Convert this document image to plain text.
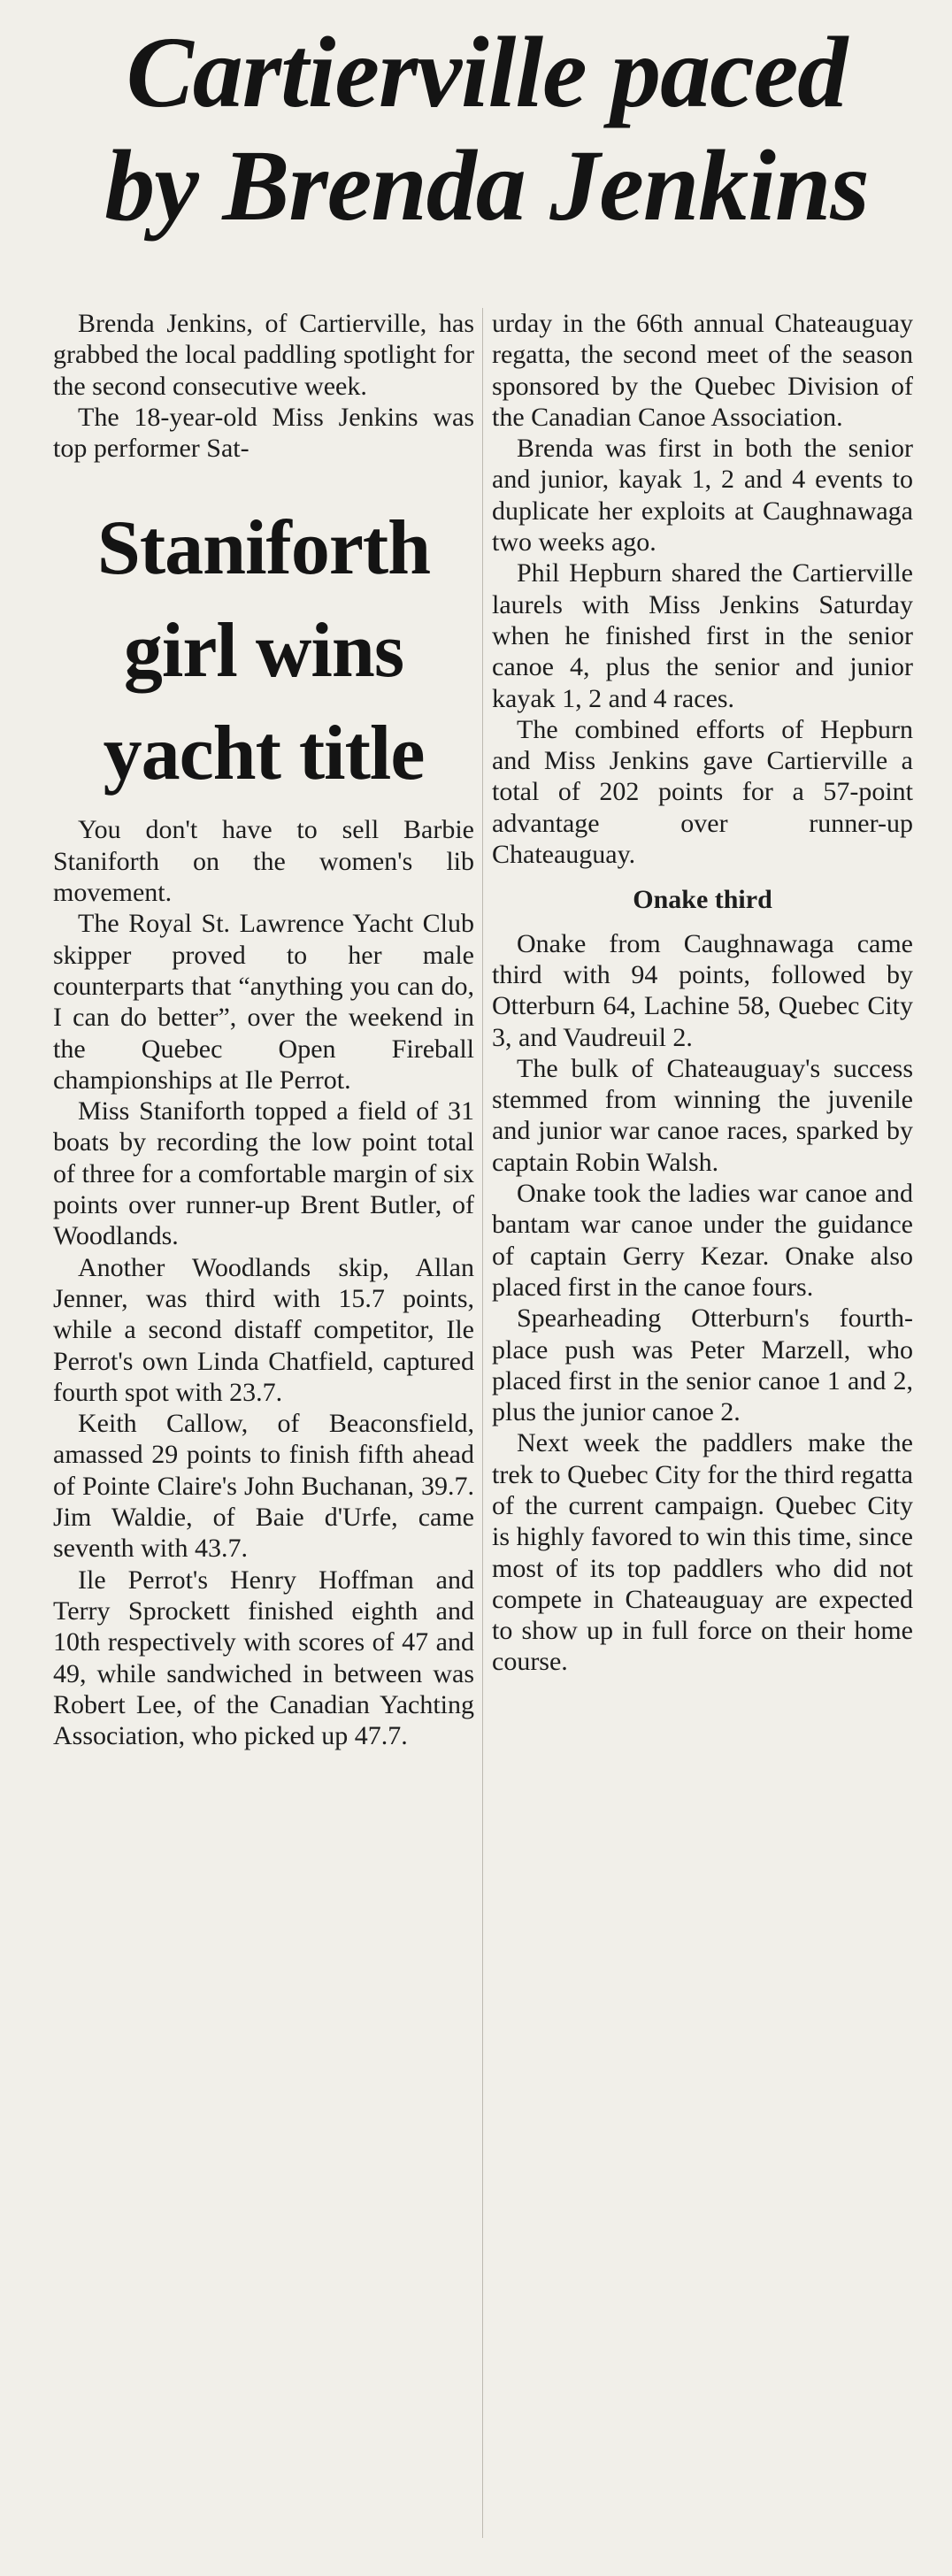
Cartierville paced
by Brenda Jenkins

Brenda Jenkins, of Cartierville, has grabbed the local paddling spotlight for the second consecutive week.

The 18-year-old Miss Jenkins was top performer Sat-

Staniforth
girl wins
yacht title

You don't have to sell Barbie Staniforth on the women's lib movement.

The Royal St. Lawrence Yacht Club skipper proved to her male counterparts that “anything you can do, I can do better”, over the weekend in the Quebec Open Fireball championships at Ile Perrot.

Miss Staniforth topped a field of 31 boats by recording the low point total of three for a comfortable margin of six points over runner-up Brent Butler, of Woodlands.

Another Woodlands skip, Allan Jenner, was third with 15.7 points, while a second distaff competitor, Ile Perrot's own Linda Chatfield, captured fourth spot with 23.7.

Keith Callow, of Beaconsfield, amassed 29 points to finish fifth ahead of Pointe Claire's John Buchanan, 39.7. Jim Waldie, of Baie d'Urfe, came seventh with 43.7.

Ile Perrot's Henry Hoffman and Terry Sprockett finished eighth and 10th respectively with scores of 47 and 49, while sandwiched in between was Robert Lee, of the Canadian Yachting Association, who picked up 47.7.

urday in the 66th annual Chateauguay regatta, the second meet of the season sponsored by the Quebec Division of the Canadian Canoe Association.

Brenda was first in both the senior and junior, kayak 1, 2 and 4 events to duplicate her exploits at Caughnawaga two weeks ago.

Phil Hepburn shared the Cartierville laurels with Miss Jenkins Saturday when he finished first in the senior canoe 4, plus the senior and junior kayak 1, 2 and 4 races.

The combined efforts of Hepburn and Miss Jenkins gave Cartierville a total of 202 points for a 57-point advantage over runner-up Chateauguay.

Onake third

Onake from Caughnawaga came third with 94 points, followed by Otterburn 64, Lachine 58, Quebec City 3, and Vaudreuil 2.

The bulk of Chateauguay's success stemmed from winning the juvenile and junior war canoe races, sparked by captain Robin Walsh.

Onake took the ladies war canoe and bantam war canoe under the guidance of captain Gerry Kezar. Onake also placed first in the canoe fours.

Spearheading Otterburn's fourth-place push was Peter Marzell, who placed first in the senior canoe 1 and 2, plus the junior canoe 2.

Next week the paddlers make the trek to Quebec City for the third regatta of the current campaign. Quebec City is highly favored to win this time, since most of its top paddlers who did not compete in Chateauguay are expected to show up in full force on their home course.
